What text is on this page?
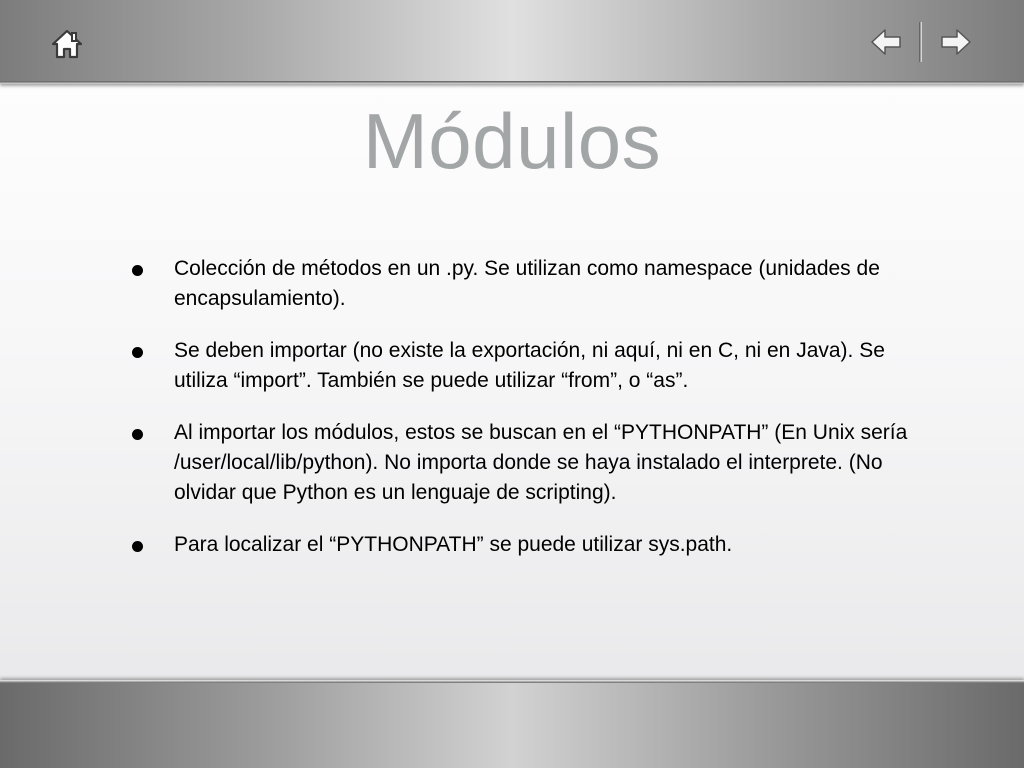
Módulos
Colección de métodos en un .py. Se utilizan como namespace (unidades de encapsulamiento).
Se deben importar (no existe la exportación, ni aquí, ni en C, ni en Java). Se utiliza “import”. También se puede utilizar “from”, o “as”.
Al importar los módulos, estos se buscan en el “PYTHONPATH” (En Unix sería /user/local/lib/python). No importa donde se haya instalado el interprete. (No olvidar que Python es un lenguaje de scripting).
Para localizar el “PYTHONPATH” se puede utilizar sys.path.
